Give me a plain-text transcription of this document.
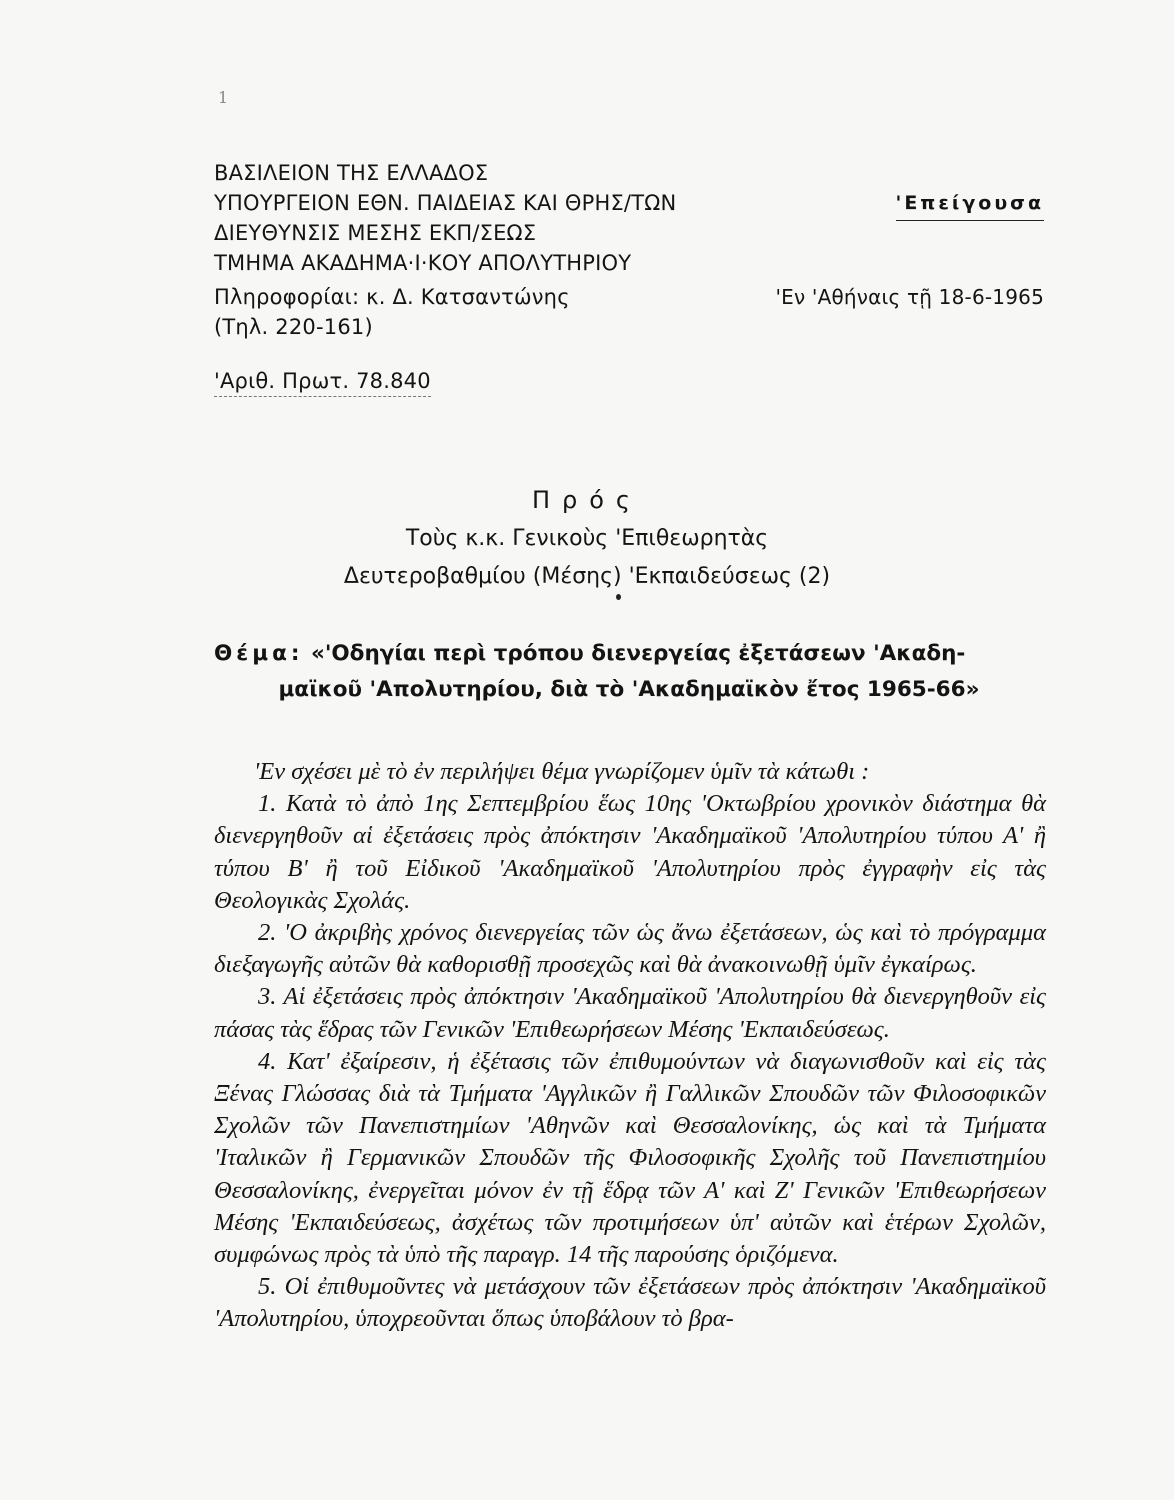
1
ΒΑΣΙΛΕΙΟΝ ΤΗΣ ΕΛΛΑΔΟΣ
ΥΠΟΥΡΓΕΙΟΝ ΕΘΝ. ΠΑΙΔΕΙΑΣ ΚΑΙ ΘΡΗΣ/ΤΩΝ	'Επείγουσα
ΔΙΕΥΘΥΝΣΙΣ ΜΕΣΗΣ ΕΚΠ/ΣΕΩΣ
ΤΜΗΜΑ ΑΚΑΔΗΜΑ·Ι·ΚΟΥ ΑΠΟΛΥΤΗΡΙΟΥ
Πληροφορίαι: κ. Δ. Κατσαντώνης	'Εν 'Αθήναις τῇ 18-6-1965
(Τηλ. 220-161)
'Αριθ. Πρωτ. 78.840
Πρός
Τοὺς κ.κ. Γενικοὺς 'Επιθεωρητὰς
Δευτεροβαθμίου (Μέσης) 'Εκπαιδεύσεως (2)
Θέμα: «'Οδηγίαι περὶ τρόπου διενεργείας ἐξετάσεων 'Ακαδη-
μαϊκοῦ 'Απολυτηρίου, διὰ τὸ 'Ακαδημαϊκὸν ἔτος 1965-66»

'Εν σχέσει μὲ τὸ ἐν περιλήψει θέμα γνωρίζομεν ὑμῖν τὰ κάτωθι :

1. Κατὰ τὸ ἀπὸ 1ης Σεπτεμβρίου ἕως 10ης 'Οκτωβρίου χρονικὸν διάστημα θὰ διενεργηθοῦν αἱ ἐξετάσεις πρὸς ἀπόκτησιν 'Ακαδημαϊκοῦ 'Απολυτηρίου τύπου Α' ἢ τύπου Β' ἢ τοῦ Εἰδικοῦ 'Ακαδημαϊκοῦ 'Απολυτηρίου πρὸς ἐγγραφὴν εἰς τὰς Θεολογικὰς Σχολάς.

2. 'Ο ἀκριβὴς χρόνος διενεργείας τῶν ὡς ἄνω ἐξετάσεων, ὡς καὶ τὸ πρόγραμμα διεξαγωγῆς αὐτῶν θὰ καθορισθῇ προσεχῶς καὶ θὰ ἀνακοινωθῇ ὑμῖν ἐγκαίρως.

3. Αἱ ἐξετάσεις πρὸς ἀπόκτησιν 'Ακαδημαϊκοῦ 'Απολυτηρίου θὰ διενεργηθοῦν εἰς πάσας τὰς ἕδρας τῶν Γενικῶν 'Επιθεωρήσεων Μέσης 'Εκπαιδεύσεως.

4. Κατ' ἐξαίρεσιν, ἡ ἐξέτασις τῶν ἐπιθυμούντων νὰ διαγωνισθοῦν καὶ εἰς τὰς Ξένας Γλώσσας διὰ τὰ Τμήματα 'Αγγλικῶν ἢ Γαλλικῶν Σπουδῶν τῶν Φιλοσοφικῶν Σχολῶν τῶν Πανεπιστημίων 'Αθηνῶν καὶ Θεσσαλονίκης, ὡς καὶ τὰ Τμήματα 'Ιταλικῶν ἢ Γερμανικῶν Σπουδῶν τῆς Φιλοσοφικῆς Σχολῆς τοῦ Πανεπιστημίου Θεσσαλονίκης, ἐνεργεῖται μόνον ἐν τῇ ἕδρᾳ τῶν Α' καὶ Ζ' Γενικῶν 'Επιθεωρήσεων Μέσης 'Εκπαιδεύσεως, ἀσχέτως τῶν προτιμήσεων ὑπ' αὐτῶν καὶ ἑτέρων Σχολῶν, συμφώνως πρὸς τὰ ὑπὸ τῆς παραγρ. 14 τῆς παρούσης ὁριζόμενα.

5. Οἱ ἐπιθυμοῦντες νὰ μετάσχουν τῶν ἐξετάσεων πρὸς ἀπόκτησιν 'Ακαδημαϊκοῦ 'Απολυτηρίου, ὑποχρεοῦνται ὅπως ὑποβάλουν τὸ βρα-
